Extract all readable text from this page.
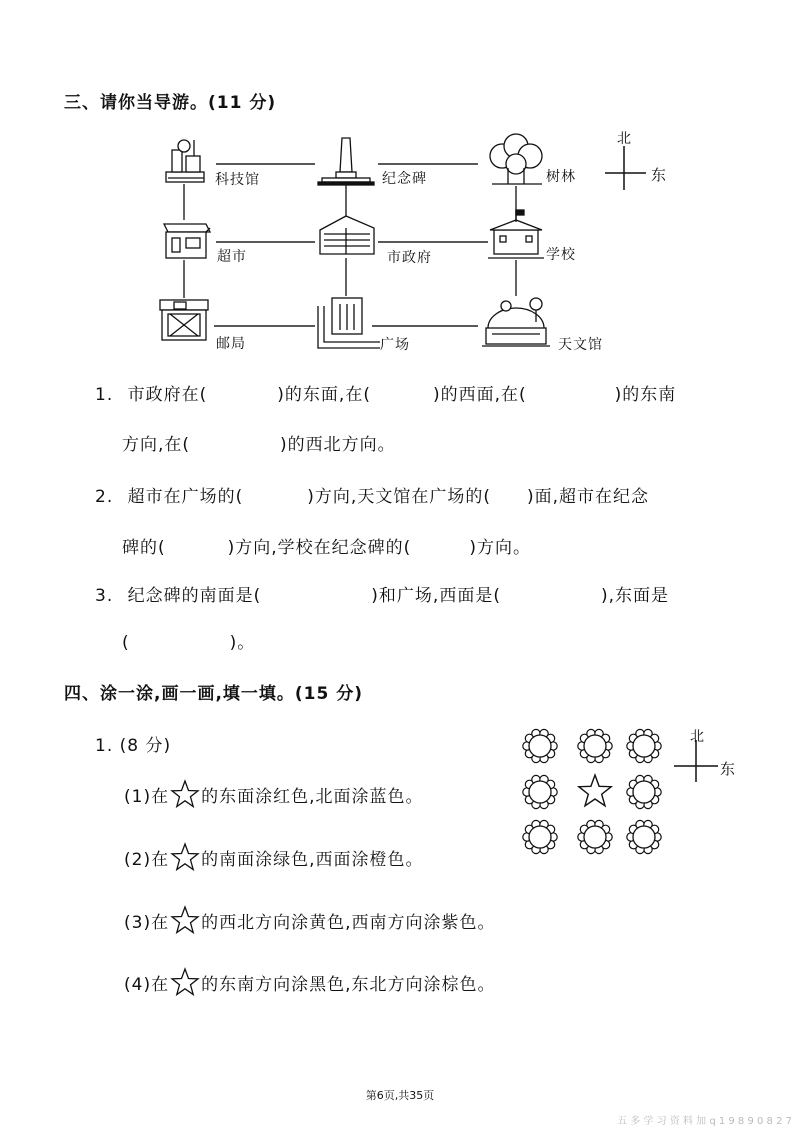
三、请你当导游。(11 分)
科技馆	纪念碑	树林
超市	市政府	学校
邮局	广场	天文馆
北
东
1. 市政府在(	)的东面,在(	)的西面,在(	)的东南
方向,在(	)的西北方向。
2. 超市在广场的(	)方向,天文馆在广场的( )面,超市在纪念
碑的(	)方向,学校在纪念碑的(	)方向。
3. 纪念碑的南面是(	)和广场,西面是(	),东面是
(	)。
四、涂一涂,画一画,填一填。(15 分)
1. (8 分)	北
东
(1)在 的东面涂红色,北面涂蓝色。
(2)在 的南面涂绿色,西面涂橙色。
(3)在 的西北方向涂黄色,西南方向涂紫色。
(4)在 的东南方向涂黑色,东北方向涂棕色。
第6页,共35页
五 多 学 习 资 料 加 q 1 9 8 9 0 8 2 7
